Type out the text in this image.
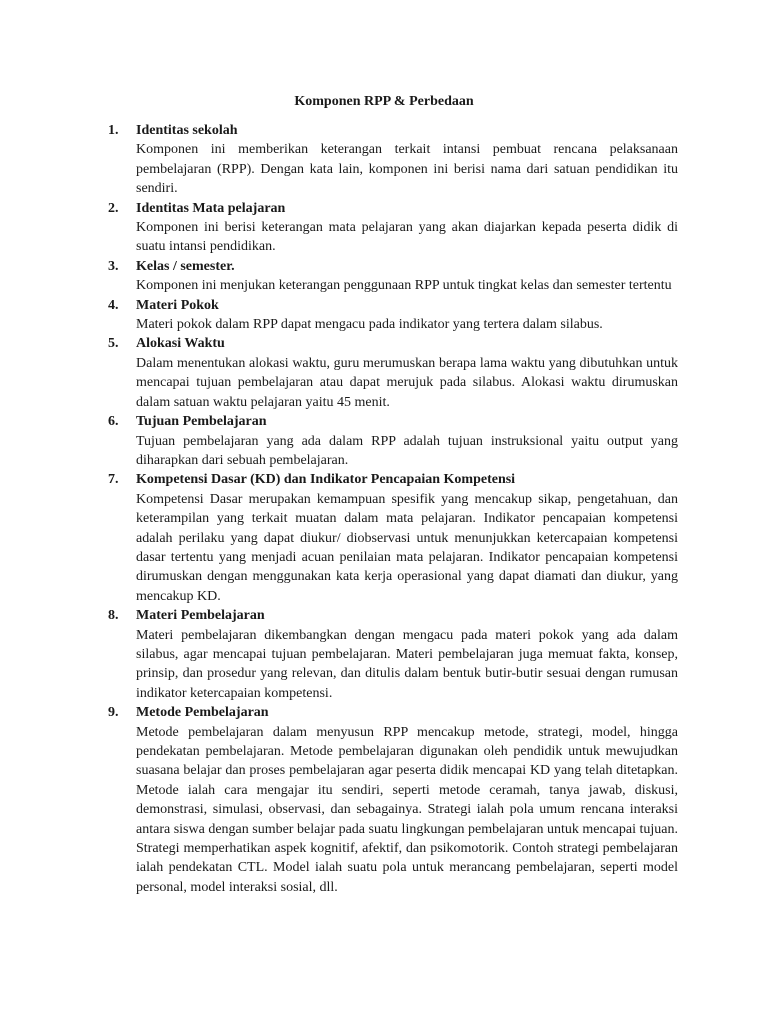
Komponen RPP & Perbedaan
1. Identitas sekolah

Komponen ini memberikan keterangan terkait intansi pembuat rencana pelaksanaan pembelajaran (RPP). Dengan kata lain, komponen ini berisi nama dari satuan pendidikan itu sendiri.

2. Identitas Mata pelajaran

Komponen ini berisi keterangan mata pelajaran yang akan diajarkan kepada peserta didik di suatu intansi pendidikan.

3. Kelas / semester.

Komponen ini menjukan keterangan penggunaan RPP untuk tingkat kelas dan semester tertentu

4. Materi Pokok

Materi pokok dalam RPP dapat mengacu pada indikator yang tertera dalam silabus.

5. Alokasi Waktu

Dalam menentukan alokasi waktu, guru merumuskan berapa lama waktu yang dibutuhkan untuk mencapai tujuan pembelajaran atau dapat merujuk pada silabus. Alokasi waktu dirumuskan dalam satuan waktu pelajaran yaitu 45 menit.

6. Tujuan Pembelajaran

Tujuan pembelajaran yang ada dalam RPP adalah tujuan instruksional yaitu output yang diharapkan dari sebuah pembelajaran.

7. Kompetensi Dasar (KD) dan Indikator Pencapaian Kompetensi

Kompetensi Dasar merupakan kemampuan spesifik yang mencakup sikap, pengetahuan, dan keterampilan yang terkait muatan dalam mata pelajaran. Indikator pencapaian kompetensi adalah perilaku yang dapat diukur/ diobservasi untuk menunjukkan ketercapaian kompetensi dasar tertentu yang menjadi acuan penilaian mata pelajaran. Indikator pencapaian kompetensi dirumuskan dengan menggunakan kata kerja operasional yang dapat diamati dan diukur, yang mencakup KD.

8. Materi Pembelajaran

Materi pembelajaran dikembangkan dengan mengacu pada materi pokok yang ada dalam silabus, agar mencapai tujuan pembelajaran. Materi pembelajaran juga memuat fakta, konsep, prinsip, dan prosedur yang relevan, dan ditulis dalam bentuk butir-butir sesuai dengan rumusan indikator ketercapaian kompetensi.

9. Metode Pembelajaran

Metode pembelajaran dalam menyusun RPP mencakup metode, strategi, model, hingga pendekatan pembelajaran. Metode pembelajaran digunakan oleh pendidik untuk mewujudkan suasana belajar dan proses pembelajaran agar peserta didik mencapai KD yang telah ditetapkan. Metode ialah cara mengajar itu sendiri, seperti metode ceramah, tanya jawab, diskusi, demonstrasi, simulasi, observasi, dan sebagainya. Strategi ialah pola umum rencana interaksi antara siswa dengan sumber belajar pada suatu lingkungan pembelajaran untuk mencapai tujuan. Strategi memperhatikan aspek kognitif, afektif, dan psikomotorik. Contoh strategi pembelajaran ialah pendekatan CTL. Model ialah suatu pola untuk merancang pembelajaran, seperti model personal, model interaksi sosial, dll.
